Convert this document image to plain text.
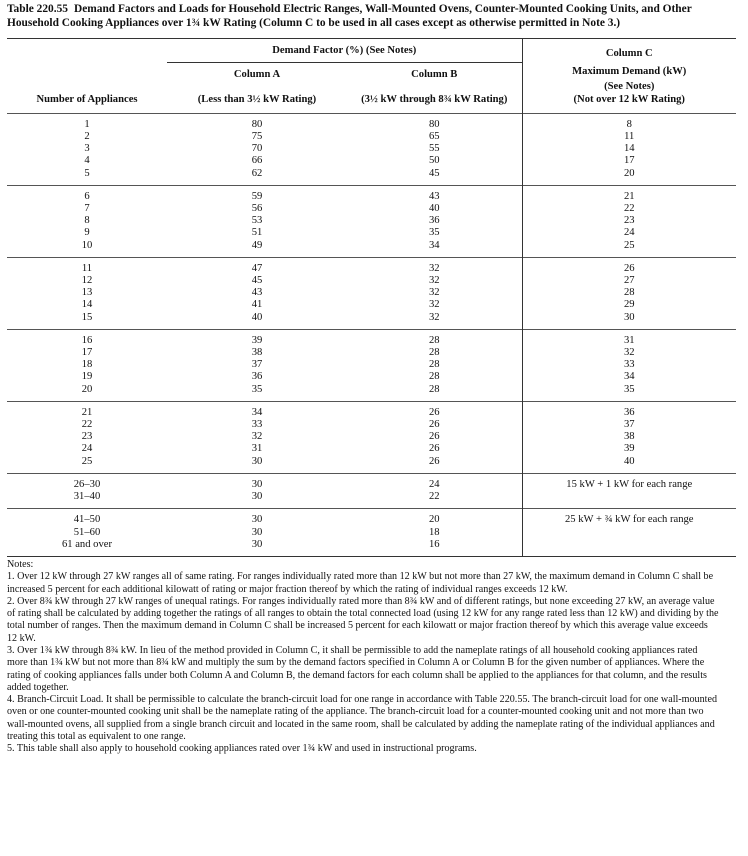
Table 220.55 Demand Factors and Loads for Household Electric Ranges, Wall-Mounted Ovens, Counter-Mounted Cooking Units, and Other Household Cooking Appliances over 1¾ kW Rating (Column C to be used in all cases except as otherwise permitted in Note 3.)
	Demand Factor (%) (See Notes)		Column C
	Column A	Column B	Maximum Demand (kW)
			(See Notes)
Number of Appliances	(Less than 3½ kW Rating)	(3½ kW through 8¾ kW Rating)	(Not over 12 kW Rating)
1	80	80	8
2	75	65	11
3	70	55	14
4	66	50	17
5	62	45	20
6	59	43	21
7	56	40	22
8	53	36	23
9	51	35	24
10	49	34	25
11	47	32	26
12	45	32	27
13	43	32	28
14	41	32	29
15	40	32	30
16	39	28	31
17	38	28	32
18	37	28	33
19	36	28	34
20	35	28	35
21	34	26	36
22	33	26	37
23	32	26	38
24	31	26	39
25	30	26	40
26–30	30	24	15 kW + 1 kW for each range
31–40	30	22	
41–50	30	20	25 kW + ¾ kW for each range
51–60	30	18	
61 and over	30	16	

Notes:

1. Over 12 kW through 27 kW ranges all of same rating. For ranges individually rated more than 12 kW but not more than 27 kW, the maximum demand in Column C shall be increased 5 percent for each additional kilowatt of rating or major fraction thereof by which the rating of individual ranges exceeds 12 kW.

2. Over 8¾ kW through 27 kW ranges of unequal ratings. For ranges individually rated more than 8¾ kW and of different ratings, but none exceeding 27 kW, an average value of rating shall be calculated by adding together the ratings of all ranges to obtain the total connected load (using 12 kW for any range rated less than 12 kW) and dividing by the total number of ranges. Then the maximum demand in Column C shall be increased 5 percent for each kilowatt or major fraction thereof by which this average value exceeds 12 kW.

3. Over 1¾ kW through 8¾ kW. In lieu of the method provided in Column C, it shall be permissible to add the nameplate ratings of all household cooking appliances rated more than 1¾ kW but not more than 8¾ kW and multiply the sum by the demand factors specified in Column A or Column B for the given number of appliances. Where the rating of cooking appliances falls under both Column A and Column B, the demand factors for each column shall be applied to the appliances for that column, and the results added together.

4. Branch-Circuit Load. It shall be permissible to calculate the branch-circuit load for one range in accordance with Table 220.55. The branch-circuit load for one wall-mounted oven or one counter-mounted cooking unit shall be the nameplate rating of the appliance. The branch-circuit load for a counter-mounted cooking unit and not more than two wall-mounted ovens, all supplied from a single branch circuit and located in the same room, shall be calculated by adding the nameplate rating of the individual appliances and treating this total as equivalent to one range.

5. This table shall also apply to household cooking appliances rated over 1¾ kW and used in instructional programs.
